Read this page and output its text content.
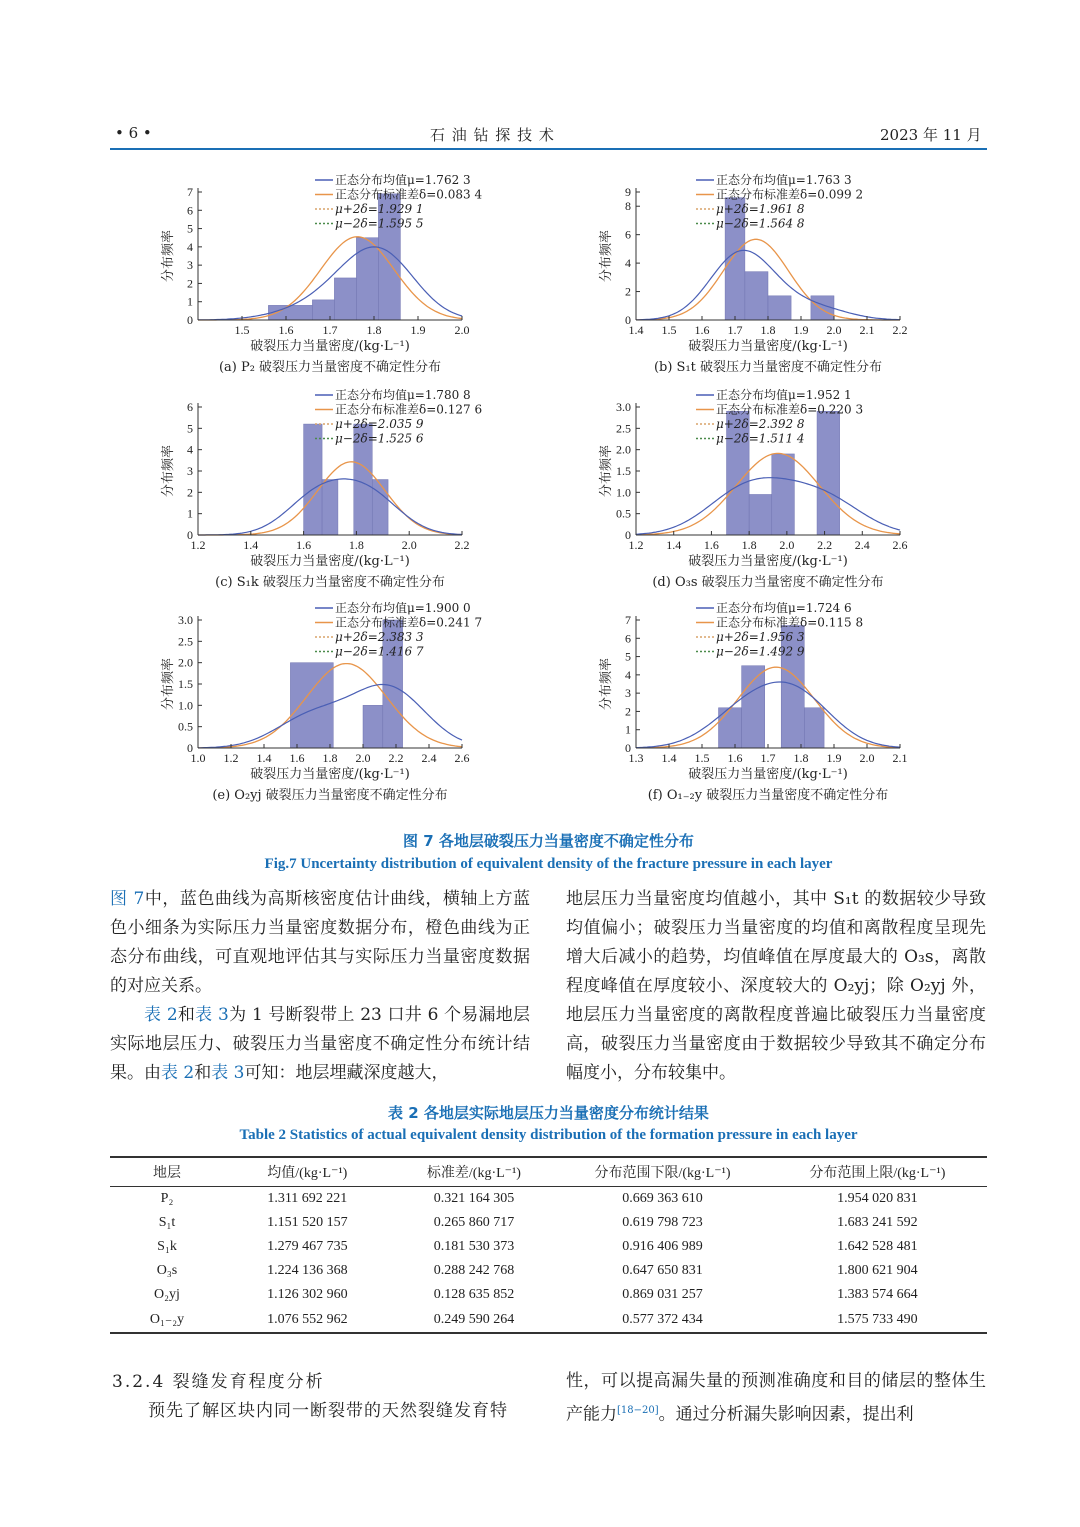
• 6 •	石 油 钻 探 技 术	2023 年 11 月
1.5 1.6 1.7 1.8 1.9 2.0
0
1
2
3
4
5
6
7
破裂压力当量密度/(kg·L⁻¹)
分布频率
正态分布均值μ=1.762 3
正态分布标准差δ=0.083 4
μ+2δ=1.929 1
μ−2δ=1.595 5
(a) P₂ 破裂压力当量密度不确定性分布
1.4 1.5 1.6 1.7 1.8 1.9 2.0 2.1 2.2
0
2
4
6
8
9
破裂压力当量密度/(kg·L⁻¹)
分布频率
正态分布均值μ=1.763 3
正态分布标准差δ=0.099 2
μ+2δ=1.961 8
μ−2δ=1.564 8
(b) S₁t 破裂压力当量密度不确定性分布
1.2	1.4	1.6	1.8	2.0	2.2
0
1
2
3
4
5
6
破裂压力当量密度/(kg·L⁻¹)
分布频率
正态分布均值μ=1.780 8
正态分布标准差δ=0.127 6
μ+2δ=2.035 9
μ−2δ=1.525 6
(c) S₁k 破裂压力当量密度不确定性分布
1.2 1.4 1.6 1.8 2.0 2.2 2.4 2.6
0
0.5
1.0
1.5
2.0
2.5
3.0
破裂压力当量密度/(kg·L⁻¹)
分布频率
正态分布均值μ=1.952 1
正态分布标准差δ=0.220 3
μ+2δ=2.392 8
μ−2δ=1.511 4
(d) O₃s 破裂压力当量密度不确定性分布
1.0 1.2 1.4 1.6 1.8 2.0 2.2 2.4 2.6
0
0.5
1.0
1.5
2.0
2.5
3.0
破裂压力当量密度/(kg·L⁻¹)
分布频率
正态分布均值μ=1.900 0
正态分布标准差δ=0.241 7
μ+2δ=2.383 3
μ−2δ=1.416 7
(e) O₂yj 破裂压力当量密度不确定性分布
1.3 1.4 1.5 1.6 1.7 1.8 1.9 2.0 2.1
0
1
2
3
4
5
6
7
破裂压力当量密度/(kg·L⁻¹)
分布频率
正态分布均值μ=1.724 6
正态分布标准差δ=0.115 8
μ+2δ=1.956 3
μ−2δ=1.492 9
(f) O₁₋₂y 破裂压力当量密度不确定性分布
图 7 各地层破裂压力当量密度不确定性分布
Fig.7 Uncertainty distribution of equivalent density of the fracture pressure in each layer
图 7中，蓝色曲线为高斯核密度估计曲线，横轴上方蓝色小细条为实际压力当量密度数据分布，橙色曲线为正态分布曲线，可直观地评估其与实际压力当量密度数据的对应关系。
表 2和表 3为 1 号断裂带上 23 口井 6 个易漏地层实际地层压力、破裂压力当量密度不确定性分布统计结果。由表 2和表 3可知：地层埋藏深度越大，
地层压力当量密度均值越小，其中 S₁t 的数据较少导致均值偏小；破裂压力当量密度的均值和离散程度呈现先增大后减小的趋势，均值峰值在厚度最大的 O₃s，离散程度峰值在厚度较小、深度较大的 O₂yj；除 O₂yj 外，地层压力当量密度的离散程度普遍比破裂压力当量密度高，破裂压力当量密度由于数据较少导致其不确定分布幅度小，分布较集中。
表 2 各地层实际地层压力当量密度分布统计结果
Table 2 Statistics of actual equivalent density distribution of the formation pressure in each layer
地层	均值/(kg·L⁻¹)	标准差/(kg·L⁻¹)	分布范围下限/(kg·L⁻¹)	分布范围上限/(kg·L⁻¹)
P₂	1.311 692 221	0.321 164 305	0.669 363 610	1.954 020 831
S₁t	1.151 520 157	0.265 860 717	0.619 798 723	1.683 241 592
S₁k	1.279 467 735	0.181 530 373	0.916 406 989	1.642 528 481
O₃s	1.224 136 368	0.288 242 768	0.647 650 831	1.800 621 904
O₂yj	1.126 302 960	0.128 635 852	0.869 031 257	1.383 574 664
O₁₋₂y	1.076 552 962	0.249 590 264	0.577 372 434	1.575 733 490
3.2.4 裂缝发育程度分析
预先了解区块内同一断裂带的天然裂缝发育特
性，可以提高漏失量的预测准确度和目的储层的整体生产能力[18−20]。通过分析漏失影响因素，提出利
